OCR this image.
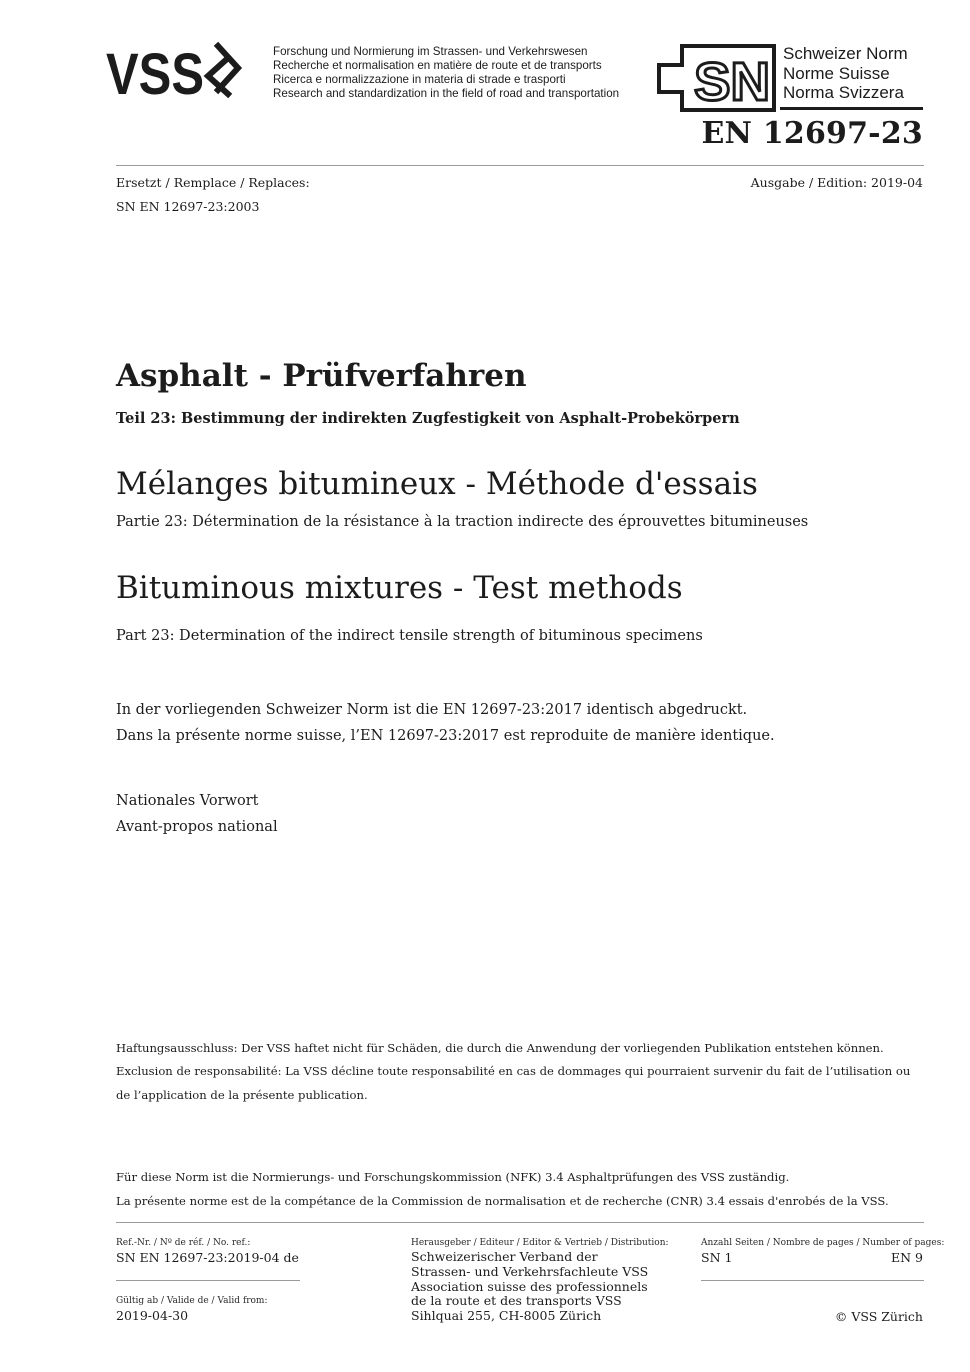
VSS	Forschung und Normierung im Strassen- und Verkehrswesen
Recherche et normalisation en matière de route et de transports
Ricerca e normalizzazione in materia di strade e trasporti
Research and standardization in the field of road and transportation SN Schweizer Norm
Norme Suisse
Norma Svizzera
EN 12697-23
Ersetzt / Remplace / Replaces:
SN EN 12697-23:2003
Ausgabe / Edition: 2019-04
Asphalt - Prüfverfahren
Teil 23: Bestimmung der indirekten Zugfestigkeit von Asphalt-Probekörpern
Mélanges bitumineux - Méthode d'essais
Partie 23: Détermination de la résistance à la traction indirecte des éprouvettes bitumineuses
Bituminous mixtures - Test methods
Part 23: Determination of the indirect tensile strength of bituminous specimens
In der vorliegenden Schweizer Norm ist die EN 12697-23:2017 identisch abgedruckt.
Dans la présente norme suisse, l’EN 12697-23:2017 est reproduite de manière identique.
Nationales Vorwort
Avant-propos national
Haftungsausschluss: Der VSS haftet nicht für Schäden, die durch die Anwendung der vorliegenden Publikation entstehen können.
Exclusion de responsabilité: La VSS décline toute responsabilité en cas de dommages qui pourraient survenir du fait de l’utilisation ou
de l’application de la présente publication.
Für diese Norm ist die Normierungs- und Forschungskommission (NFK) 3.4 Asphaltprüfungen des VSS zuständig.
La présente norme est de la compétance de la Commission de normalisation et de recherche (CNR) 3.4 essais d'enrobés de la VSS.
Ref.-Nr. / Nº de réf. / No. ref.:
SN EN 12697-23:2019-04 de
Gültig ab / Valide de / Valid from:
2019-04-30
Herausgeber / Editeur / Editor & Vertrieb / Distribution:
Schweizerischer Verband der
Strassen- und Verkehrsfachleute VSS
Association suisse des professionnels
de la route et des transports VSS
Sihlquai 255, CH-8005 Zürich
Anzahl Seiten / Nombre de pages / Number of pages:
SN 1	EN 9
© VSS Zürich
